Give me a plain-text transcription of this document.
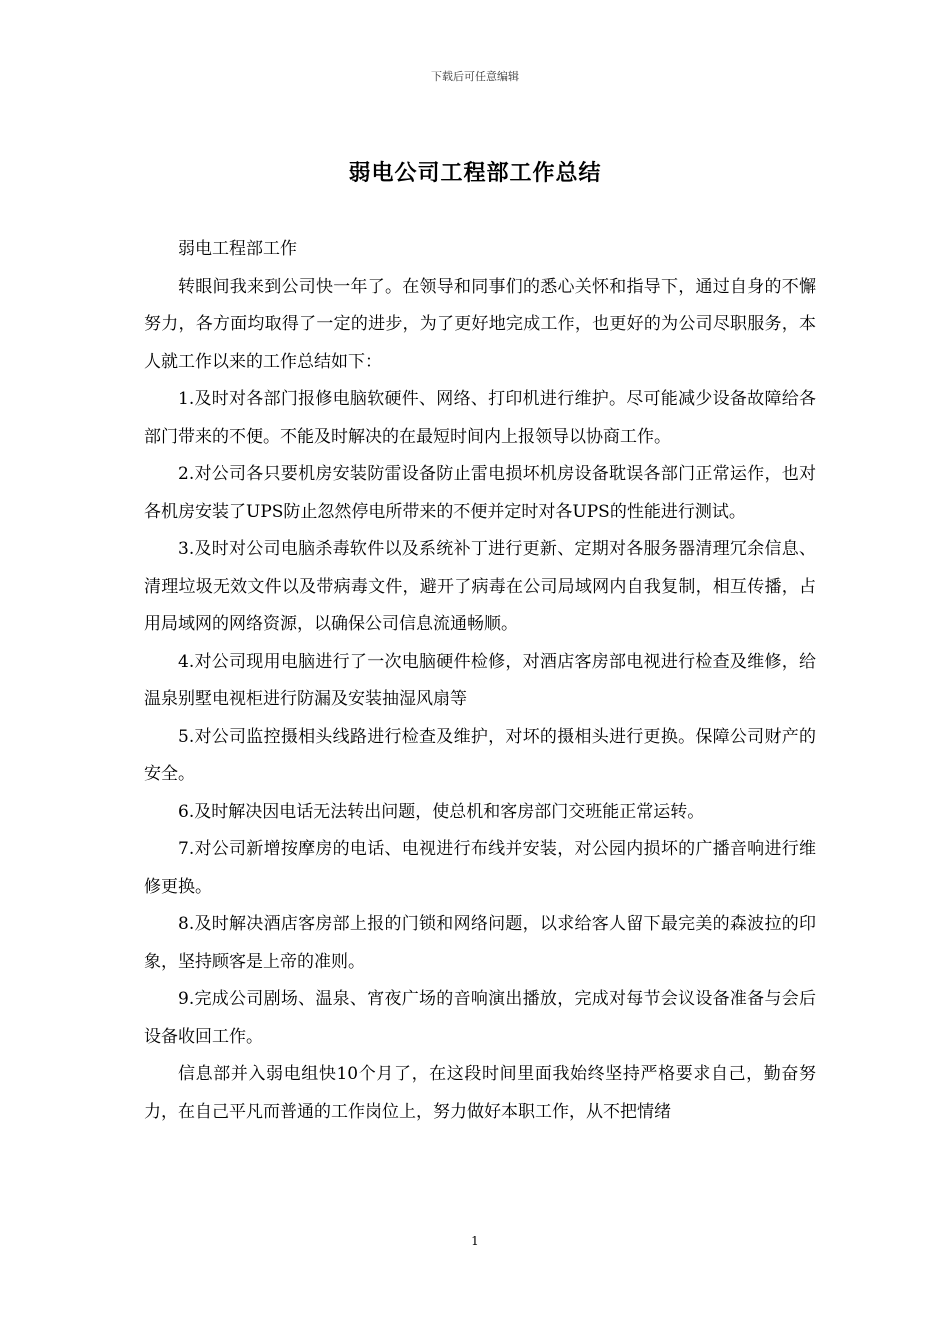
下载后可任意编辑
弱电公司工程部工作总结

弱电工程部工作

转眼间我来到公司快一年了。在领导和同事们的悉心关怀和指导下，通过自身的不懈努力，各方面均取得了一定的进步，为了更好地完成工作，也更好的为公司尽职服务，本人就工作以来的工作总结如下：

1.及时对各部门报修电脑软硬件、网络、打印机进行维护。尽可能减少设备故障给各部门带来的不便。不能及时解决的在最短时间内上报领导以协商工作。

2.对公司各只要机房安装防雷设备防止雷电损坏机房设备耽误各部门正常运作，也对各机房安装了UPS防止忽然停电所带来的不便并定时对各UPS的性能进行测试。

3.及时对公司电脑杀毒软件以及系统补丁进行更新、定期对各服务器清理冗余信息、清理垃圾无效文件以及带病毒文件，避开了病毒在公司局域网内自我复制，相互传播，占用局域网的网络资源，以确保公司信息流通畅顺。

4.对公司现用电脑进行了一次电脑硬件检修，对酒店客房部电视进行检查及维修，给温泉别墅电视柜进行防漏及安装抽湿风扇等

5.对公司监控摄相头线路进行检查及维护，对坏的摄相头进行更换。保障公司财产的安全。

6.及时解决因电话无法转出问题，使总机和客房部门交班能正常运转。

7.对公司新增按摩房的电话、电视进行布线并安装，对公园内损坏的广播音响进行维修更换。

8.及时解决酒店客房部上报的门锁和网络问题，以求给客人留下最完美的森波拉的印象，坚持顾客是上帝的准则。

9.完成公司剧场、温泉、宵夜广场的音响演出播放，完成对每节会议设备准备与会后设备收回工作。

信息部并入弱电组快10个月了，在这段时间里面我始终坚持严格要求自己，勤奋努力，在自己平凡而普通的工作岗位上，努力做好本职工作，从不把情绪

1
